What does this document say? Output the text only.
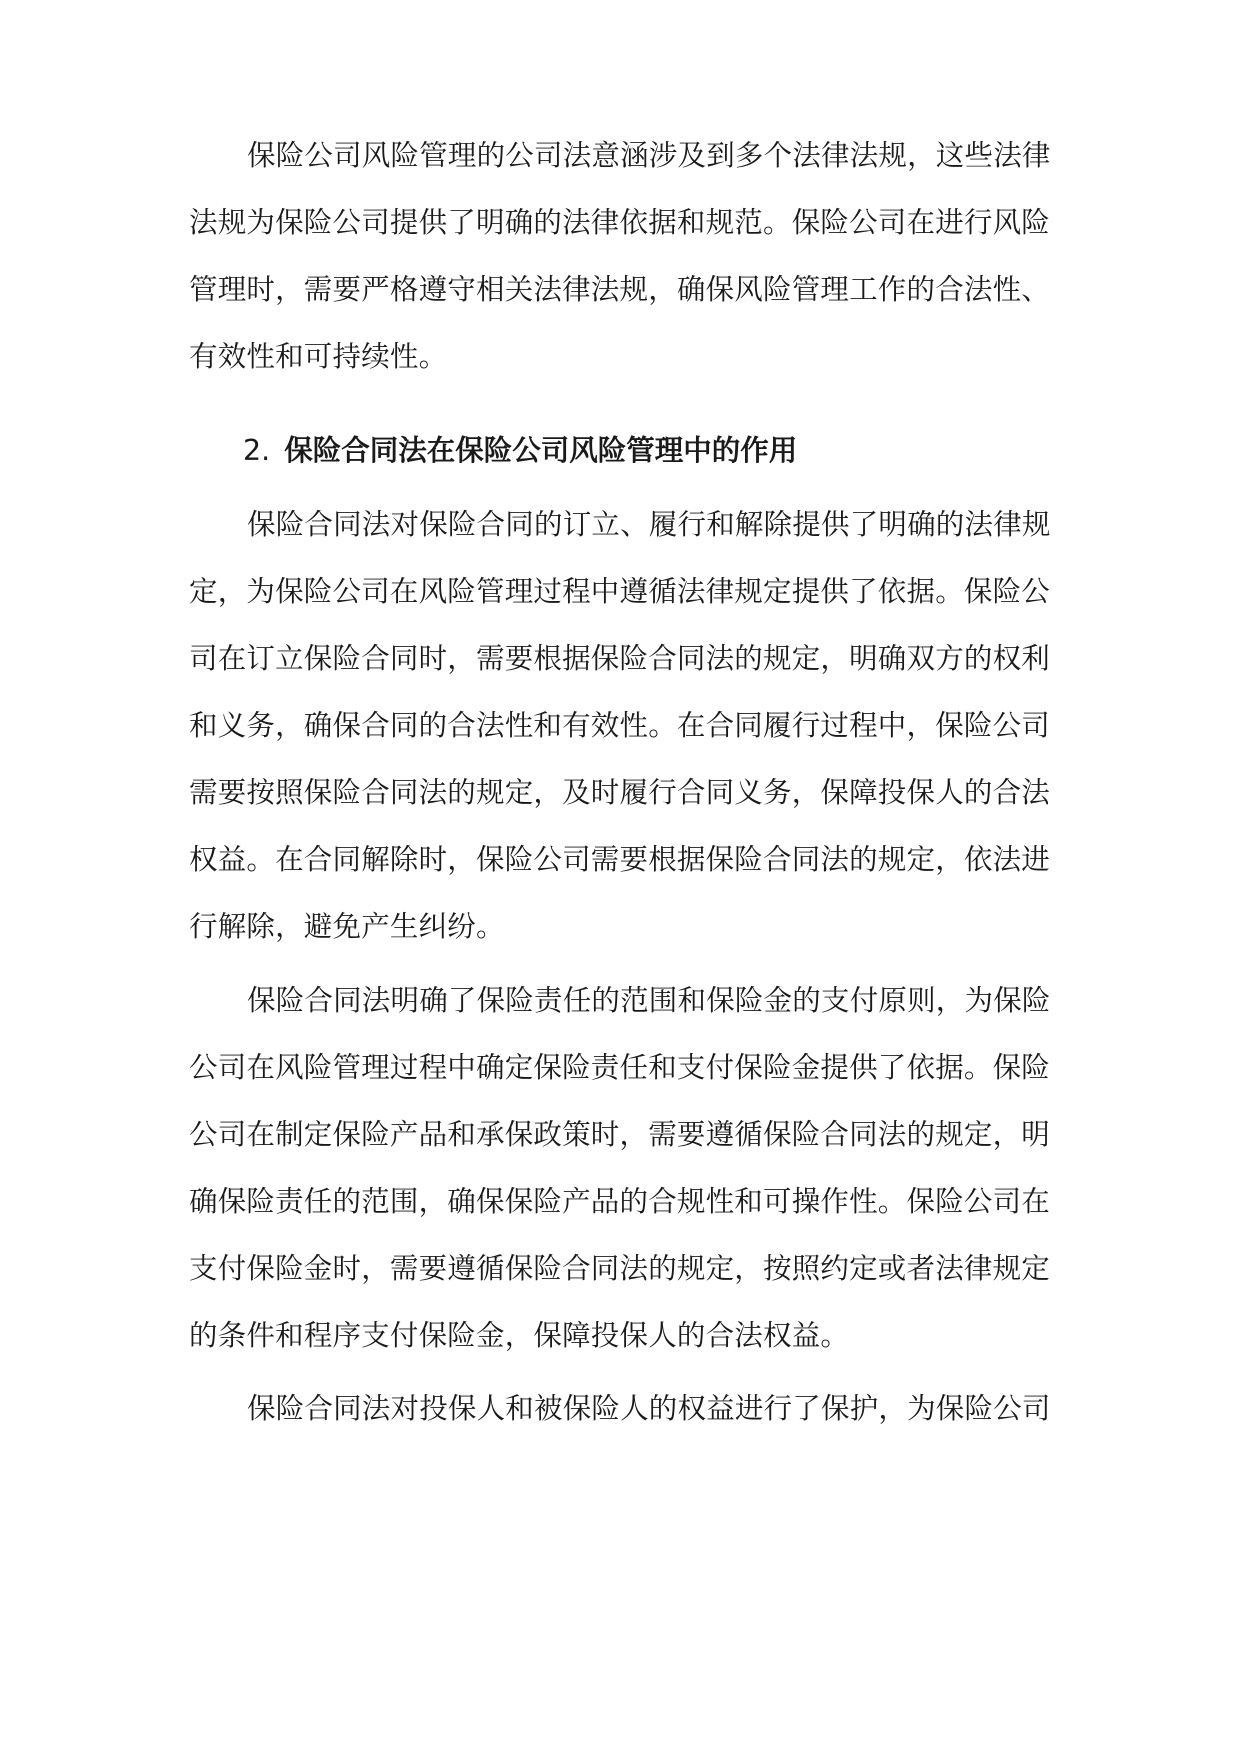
保险公司风险管理的公司法意涵涉及到多个法律法规，这些法律
法规为保险公司提供了明确的法律依据和规范。保险公司在进行风险
管理时，需要严格遵守相关法律法规，确保风险管理工作的合法性、
有效性和可持续性。
2. 保险合同法在保险公司风险管理中的作用
保险合同法对保险合同的订立、履行和解除提供了明确的法律规
定，为保险公司在风险管理过程中遵循法律规定提供了依据。保险公
司在订立保险合同时，需要根据保险合同法的规定，明确双方的权利
和义务，确保合同的合法性和有效性。在合同履行过程中，保险公司
需要按照保险合同法的规定，及时履行合同义务，保障投保人的合法
权益。在合同解除时，保险公司需要根据保险合同法的规定，依法进
行解除，避免产生纠纷。
保险合同法明确了保险责任的范围和保险金的支付原则，为保险
公司在风险管理过程中确定保险责任和支付保险金提供了依据。保险
公司在制定保险产品和承保政策时，需要遵循保险合同法的规定，明
确保险责任的范围，确保保险产品的合规性和可操作性。保险公司在
支付保险金时，需要遵循保险合同法的规定，按照约定或者法律规定
的条件和程序支付保险金，保障投保人的合法权益。
保险合同法对投保人和被保险人的权益进行了保护，为保险公司
